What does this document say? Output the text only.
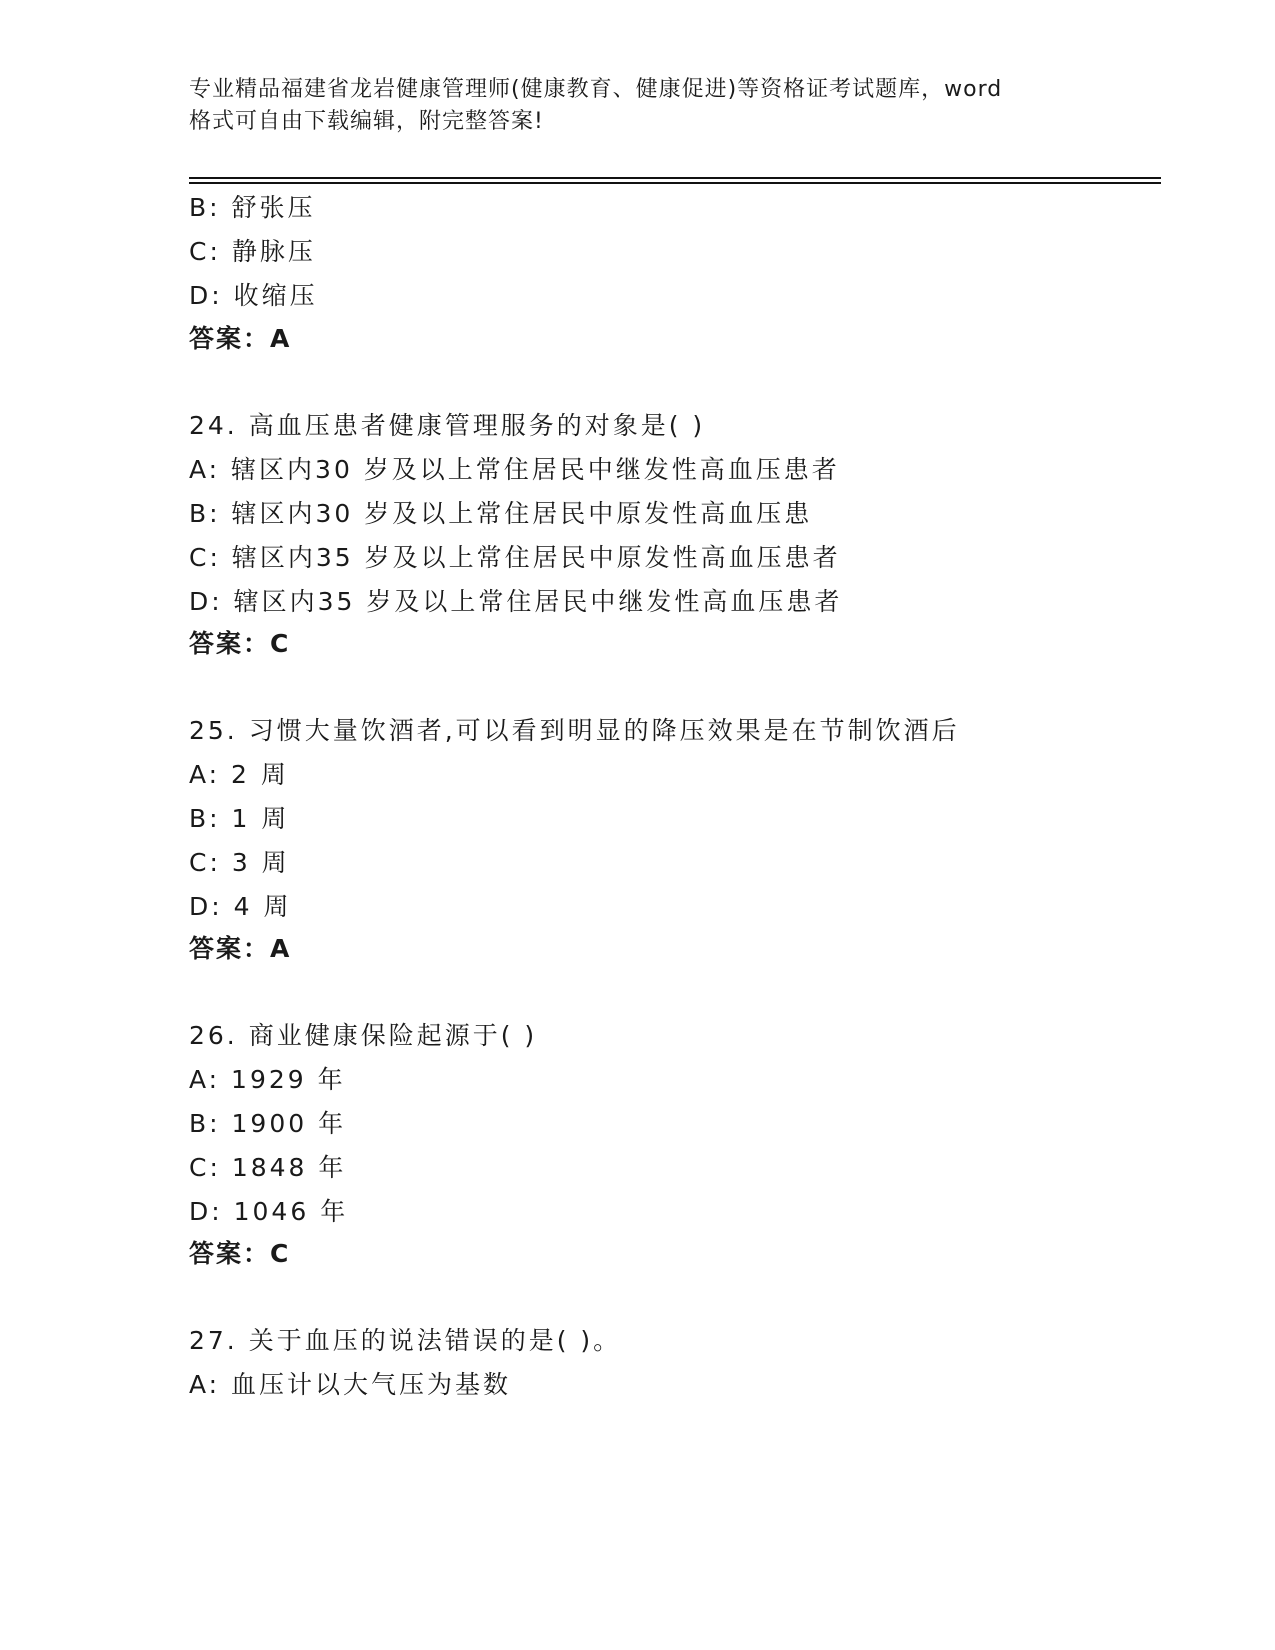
专业精品福建省龙岩健康管理师(健康教育、健康促进)等资格证考试题库，word
格式可自由下载编辑，附完整答案!
B: 舒张压
C: 静脉压
D: 收缩压
答案：A
24. 高血压患者健康管理服务的对象是( )
A: 辖区内30 岁及以上常住居民中继发性高血压患者
B: 辖区内30 岁及以上常住居民中原发性高血压患
C: 辖区内35 岁及以上常住居民中原发性高血压患者
D: 辖区内35 岁及以上常住居民中继发性高血压患者
答案：C
25. 习惯大量饮酒者,可以看到明显的降压效果是在节制饮酒后
A: 2 周
B: 1 周
C: 3 周
D: 4 周
答案：A
26. 商业健康保险起源于( )
A: 1929 年
B: 1900 年
C: 1848 年
D: 1046 年
答案：C
27. 关于血压的说法错误的是( )。
A: 血压计以大气压为基数
